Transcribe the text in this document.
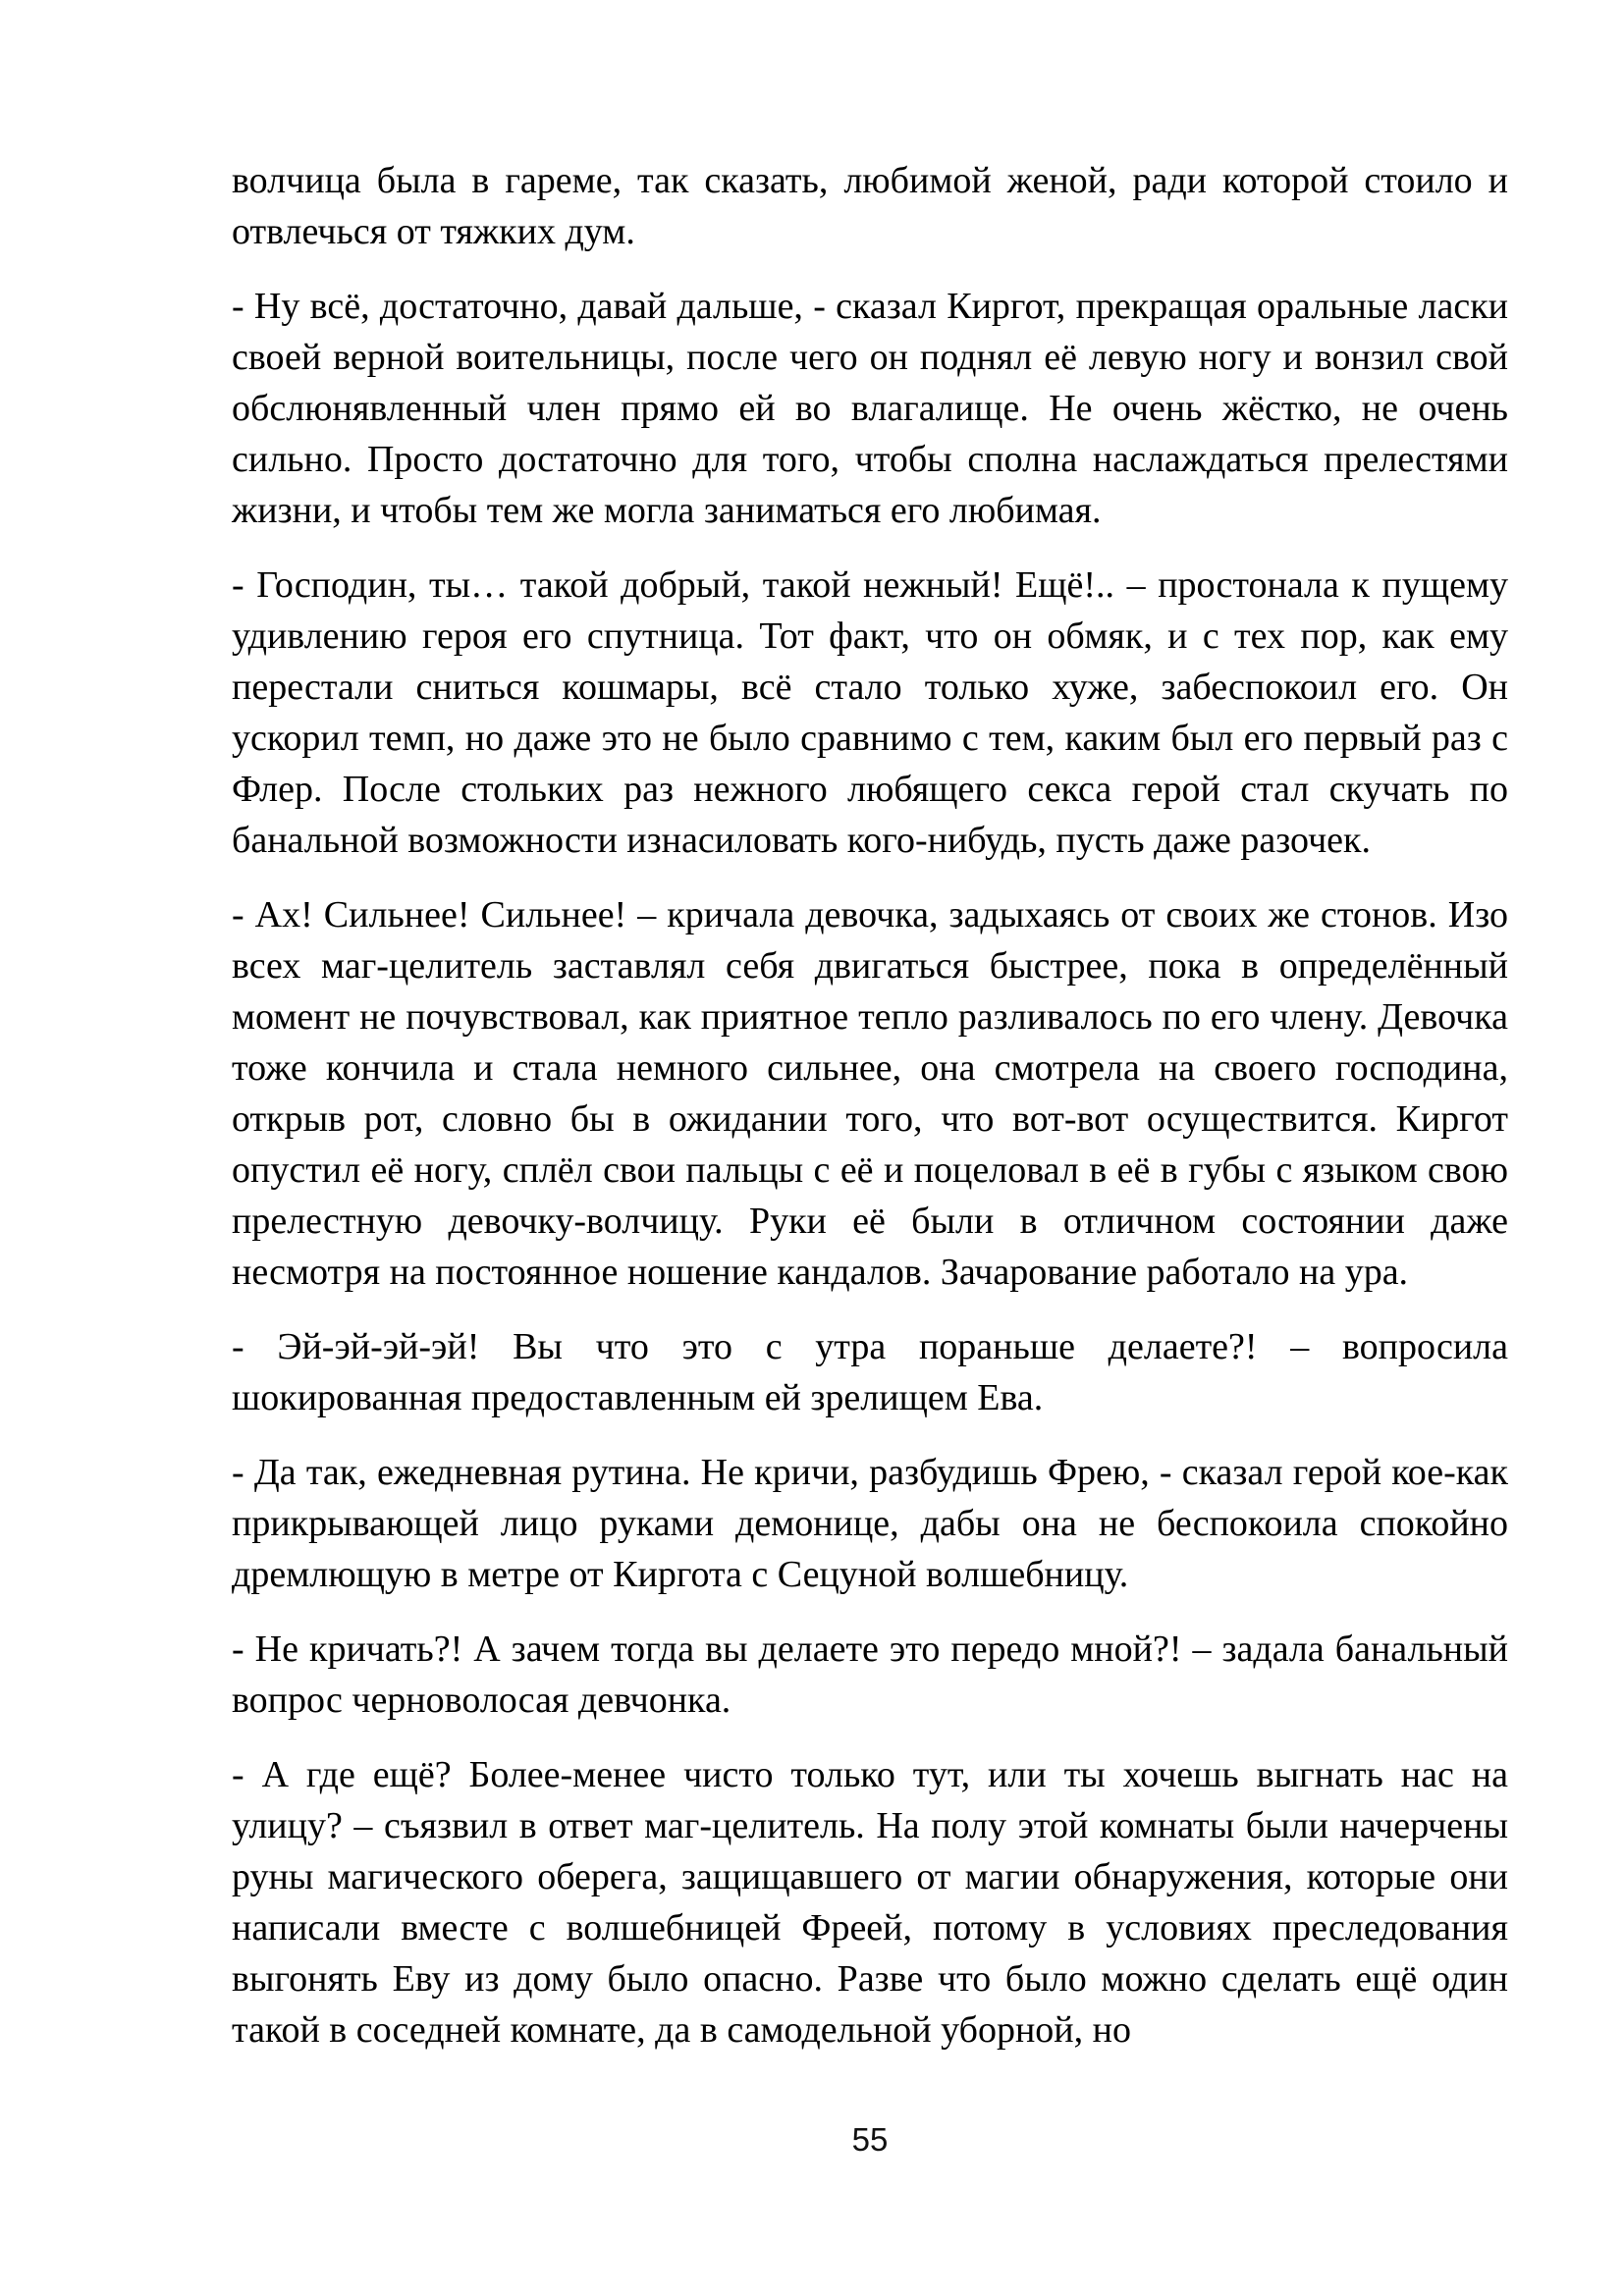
волчица была в гареме, так сказать, любимой женой, ради которой стоило и отвлечься от тяжких дум.

- Ну всё, достаточно, давай дальше, - сказал Киргот, прекращая оральные ласки своей верной воительницы, после чего он поднял её левую ногу и вонзил свой обслюнявленный член прямо ей во влагалище. Не очень жёстко, не очень сильно. Просто достаточно для того, чтобы сполна наслаждаться прелестями жизни, и чтобы тем же могла заниматься его любимая.

- Господин, ты… такой добрый, такой нежный! Ещё!.. – простонала к пущему удивлению героя его спутница. Тот факт, что он обмяк, и с тех пор, как ему перестали сниться кошмары, всё стало только хуже, забеспокоил его. Он ускорил темп, но даже это не было сравнимо с тем, каким был его первый раз с Флер. После стольких раз нежного любящего секса герой стал скучать по банальной возможности изнасиловать кого-нибудь, пусть даже разочек.

- Ах! Сильнее! Сильнее! – кричала девочка, задыхаясь от своих же стонов. Изо всех маг-целитель заставлял себя двигаться быстрее, пока в определённый момент не почувствовал, как приятное тепло разливалось по его члену. Девочка тоже кончила и стала немного сильнее, она смотрела на своего господина, открыв рот, словно бы в ожидании того, что вот-вот осуществится. Киргот опустил её ногу, сплёл свои пальцы с её и поцеловал в её в губы с языком свою прелестную девочку-волчицу. Руки её были в отличном состоянии даже несмотря на постоянное ношение кандалов. Зачарование работало на ура.

- Эй-эй-эй-эй! Вы что это с утра пораньше делаете?! – вопросила шокированная предоставленным ей зрелищем Ева.

- Да так, ежедневная рутина. Не кричи, разбудишь Фрею, - сказал герой кое-как прикрывающей лицо руками демонице, дабы она не беспокоила спокойно дремлющую в метре от Киргота с Сецуной волшебницу.

- Не кричать?! А зачем тогда вы делаете это передо мной?! – задала банальный вопрос черноволосая девчонка.

- А где ещё? Более-менее чисто только тут, или ты хочешь выгнать нас на улицу? – съязвил в ответ маг-целитель. На полу этой комнаты были начерчены руны магического оберега, защищавшего от магии обнаружения, которые они написали вместе с волшебницей Фреей, потому в условиях преследования выгонять Еву из дому было опасно. Разве что было можно сделать ещё один такой в соседней комнате, да в самодельной уборной, но

55
